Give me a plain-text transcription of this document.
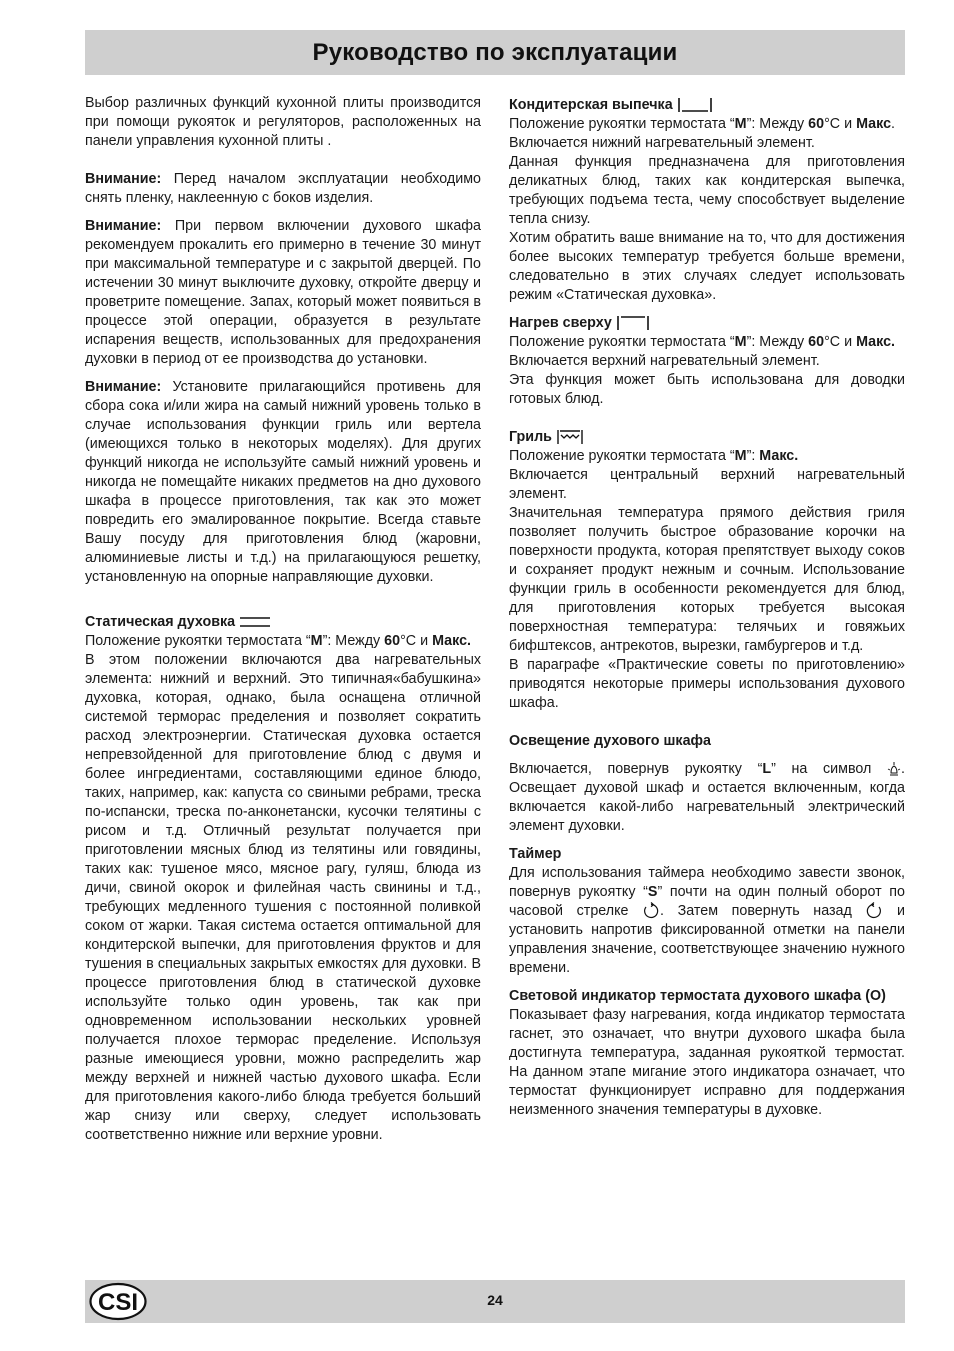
Руководство по эксплуатации

Выбор различных функций кухонной плиты производится при помощи рукояток и регуляторов, расположенных на панели управления кухонной плиты .

Внимание: Перед началом эксплуатации необходимо снять пленку, наклеенную с боков изделия.

Внимание: При первом включении духового шкафа рекомендуем прокалить его примерно в течение 30 минут при максимальной температуре и с закрытой дверцей. По истечении 30 минут выключите духовку, откройте дверцу и проветрите помещение. Запах, который может появиться в процессе этой операции, образуется в результате испарения веществ, использованных для предохранения духовки в период от ее производства до установки.

Внимание: Установите прилагающийся противень для сбора сока и/или жира на самый нижний уровень только в случае использования функции гриль или вертела (имеющихся только в некоторых моделях). Для других функций никогда не используйте самый нижний уровень и никогда не помещайте никаких предметов на дно духового шкафа в процессе приготовления, так как это может повредить его эмалированное покрытие. Всегда ставьте Вашу посуду для приготовления блюд (жаровни, алюминиевые листы и т.д.) на прилагающуюся решетку, установленную на опорные направляющие духовки.

Статическая духовка

Положение рукоятки термостата “M”: Между 60°C и Макс.

В этом положении включаются два нагревательных элемента: нижний и верхний. Это типичная«бабушкина» духовка, которая, однако, была оснащена отличной системой терморас пределения и позволяет сократить расход электроэнергии. Статическая духовка остается непревзойденной для приготовление блюд с двумя и более ингредиентами, составляющими единое блюдо, таких, например, как: капуста со свиными ребрами, треска по-испански, треска по-анконетански, кусочки телятины с рисом и т.д. Отличный результат получается при приготовлении мясных блюд из телятины или говядины, таких как: тушеное мясо, мясное рагу, гуляш, блюда из дичи, свиной окорок и филейная часть свинины и т.д., требующих медленного тушения с постоянной поливкой соком от жарки. Такая система остается оптимальной для кондитерской выпечки, для приготовления фруктов и для тушения в специальных закрытых емкостях для духовки. В процессе приготовления блюд в статической духовке используйте только один уровень, так как при одновременном использовании нескольких уровней получается плохое терморас пределение. Используя разные имеющиеся уровни, можно распределить жар между верхней и нижней частью духового шкафа. Если для приготовления какого-либо блюда требуется больший жар снизу или сверху, следует использовать соответственно нижние или верхние уровни.

Кондитерская выпечка

Положение рукоятки термостата “M”: Между 60°C и Макс.

Включается нижний нагревательный элемент.

Данная функция предназначена для приготовления деликатных блюд, таких как кондитерская выпечка, требующих подъема теста, чему способствует выделение тепла снизу.

Хотим обратить ваше внимание на то, что для достижения более высоких температур требуется больше времени, следовательно в этих случаях следует использовать режим «Статическая духовка».

Нагрев сверху

Положение рукоятки термостата “M”: Между 60°C и Макс.

Включается верхний нагревательный элемент.

Эта функция может быть использована для доводки готовых блюд.

Гриль

Положение рукоятки термостата “M”: Макс.

Включается центральный верхний нагревательный элемент.

Значительная температура прямого действия гриля позволяет получить быстрое образование корочки на поверхности продукта, которая препятствует выходу соков и сохраняет продукт нежным и сочным. Использование функции гриль в особенности рекомендуется для блюд, для приготовления которых требуется высокая поверхностная температура: телячьих и говяжьих бифштексов, антрекотов, вырезки, гамбургеров и т.д.

В параграфе «Практические советы по приготовлению» приводятся некоторые примеры использования духового шкафа.

Освещение духового шкафа

Включается, повернув рукоятку “L” на символ . Освещает духовой шкаф и остается включенным, когда включается какой-либо нагревательный электрический элемент духовки.

Таймер

Для использования таймера необходимо завести звонок, повернув рукоятку “S” почти на один полный оборот по часовой стрелке . Затем повернуть назад  и установить напротив фиксированной отметки на панели управления значение, соответствующее значению нужного времени.

Световой индикатор термостата духового шкафа (O)

Показывает фазу нагревания, когда индикатор термостата гаснет, это означает, что внутри духового шкафа была достигнута температура, заданная рукояткой термостат. На данном этапе мигание этого индикатора означает, что термостат функционирует исправно для поддержания неизменного значения температуры в духовке.

CSI	24
